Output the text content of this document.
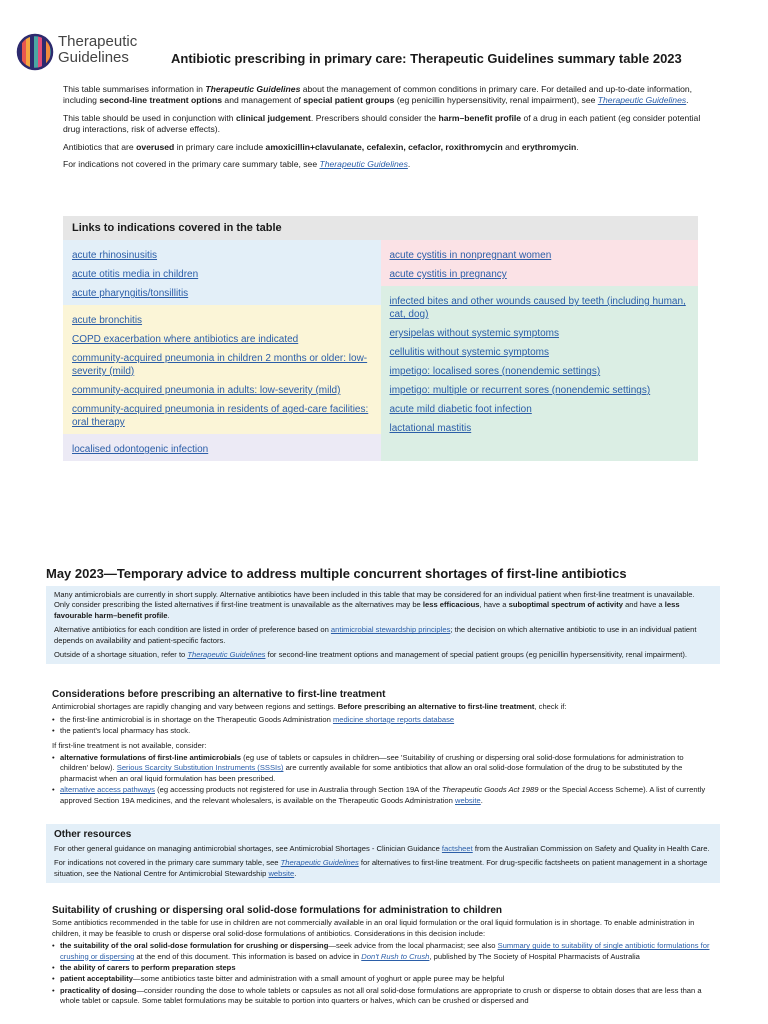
Therapeutic
Guidelines	Antibiotic prescribing in primary care: Therapeutic Guidelines summary table 2023

This table summarises information in Therapeutic Guidelines about the management of common conditions in primary care. For detailed and up-to-date information, including second-line treatment options and management of special patient groups (eg penicillin hypersensitivity, renal impairment), see Therapeutic Guidelines.

This table should be used in conjunction with clinical judgement. Prescribers should consider the harm–benefit profile of a drug in each patient (eg consider potential drug interactions, risk of adverse effects).

Antibiotics that are overused in primary care include amoxicillin+clavulanate, cefalexin, cefaclor, roxithromycin and erythromycin.

For indications not covered in the primary care summary table, see Therapeutic Guidelines.

Links to indications covered in the table
acute rhinosinusitis
acute otitis media in children
acute pharyngitis/tonsillitis
acute bronchitis
COPD exacerbation where antibiotics are indicated
community-acquired pneumonia in children 2 months or older: low-severity (mild)
community-acquired pneumonia in adults: low-severity (mild)
community-acquired pneumonia in residents of aged-care facilities: oral therapy
localised odontogenic infection
acute cystitis in nonpregnant women
acute cystitis in pregnancy
infected bites and other wounds caused by teeth (including human, cat, dog)
erysipelas without systemic symptoms
cellulitis without systemic symptoms
impetigo: localised sores (nonendemic settings)
impetigo: multiple or recurrent sores (nonendemic settings)
acute mild diabetic foot infection
lactational mastitis
May 2023—Temporary advice to address multiple concurrent shortages of first-line antibiotics

Many antimicrobials are currently in short supply. Alternative antibiotics have been included in this table that may be considered for an individual patient when first-line treatment is unavailable. Only consider prescribing the listed alternatives if first-line treatment is unavailable as the alternatives may be less efficacious, have a suboptimal spectrum of activity and have a less favourable harm–benefit profile.

Alternative antibiotics for each condition are listed in order of preference based on antimicrobial stewardship principles; the decision on which alternative antibiotic to use in an individual patient depends on availability and patient-specific factors.

Outside of a shortage situation, refer to Therapeutic Guidelines for second-line treatment options and management of special patient groups (eg penicillin hypersensitivity, renal impairment).

Considerations before prescribing an alternative to first-line treatment

Antimicrobial shortages are rapidly changing and vary between regions and settings. Before prescribing an alternative to first-line treatment, check if:

• the first-line antimicrobial is in shortage on the Therapeutic Goods Administration medicine shortage reports database
• the patient's local pharmacy has stock.

If first-line treatment is not available, consider:

• alternative formulations of first-line antimicrobials (eg use of tablets or capsules in children—see 'Suitability of crushing or dispersing oral solid-dose formulations for administration to children' below). Serious Scarcity Substitution Instruments (SSSIs) are currently available for some antibiotics that allow an oral solid-dose formulation of the drug to be substituted by the pharmacist when an oral liquid formulation has been prescribed.
• alternative access pathways (eg accessing products not registered for use in Australia through Section 19A of the Therapeutic Goods Act 1989 or the Special Access Scheme). A list of currently approved Section 19A medicines, and the relevant wholesalers, is available on the Therapeutic Goods Administration website.
Other resources

For other general guidance on managing antimicrobial shortages, see Antimicrobial Shortages - Clinician Guidance factsheet from the Australian Commission on Safety and Quality in Health Care.

For indications not covered in the primary care summary table, see Therapeutic Guidelines for alternatives to first-line treatment. For drug-specific factsheets on patient management in a shortage situation, see the National Centre for Antimicrobial Stewardship website.

Suitability of crushing or dispersing oral solid-dose formulations for administration to children

Some antibiotics recommended in the table for use in children are not commercially available in an oral liquid formulation or the oral liquid formulation is in shortage. To enable administration in children, it may be feasible to crush or disperse oral solid-dose formulations of antibiotics. Considerations in this decision include:

• the suitability of the oral solid-dose formulation for crushing or dispersing—seek advice from the local pharmacist; see also Summary guide to suitability of single antibiotic formulations for crushing or dispersing at the end of this document. This information is based on advice in Don't Rush to Crush, published by The Society of Hospital Pharmacists of Australia
• the ability of carers to perform preparation steps
• patient acceptability—some antibiotics taste bitter and administration with a small amount of yoghurt or apple puree may be helpful
• practicality of dosing—consider rounding the dose to whole tablets or capsules as not all oral solid-dose formulations are appropriate to crush or disperse to obtain doses that are less than a whole tablet or capsule. Some tablet formulations may be suitable to portion into quarters or halves, which can be crushed or dispersed and
